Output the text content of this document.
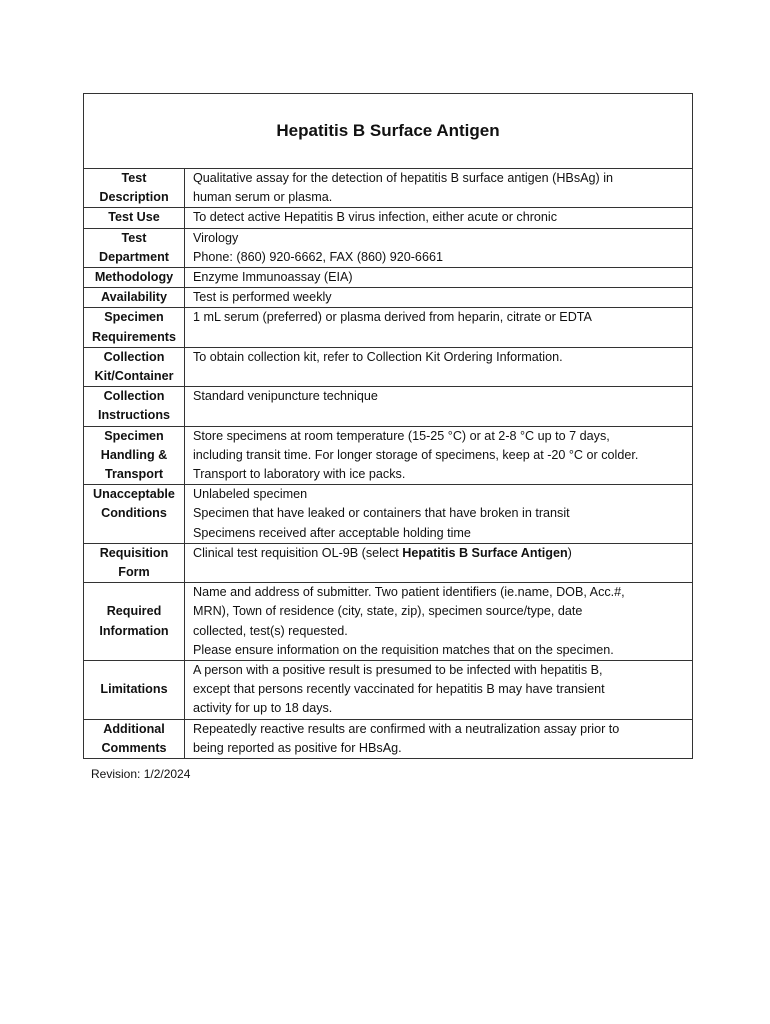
Hepatitis B Surface Antigen	

Test
Description	Qualitative assay for the detection of hepatitis B surface antigen (HBsAg) in
human serum or plasma.

Test Use	To detect active Hepatitis B virus infection, either acute or chronic

Test
Department	Virology
Phone: (860) 920-6662, FAX (860) 920-6661

Methodology	Enzyme Immunoassay (EIA)

Availability	Test is performed weekly

Specimen
Requirements	1 mL serum (preferred) or plasma derived from heparin, citrate or EDTA

Collection
Kit/Container	To obtain collection kit, refer to Collection Kit Ordering Information.

Collection
Instructions	Standard venipuncture technique

Specimen
Handling &
Transport	Store specimens at room temperature (15-25 °C) or at 2-8 °C up to 7 days,
including transit time. For longer storage of specimens, keep at -20 °C or colder.
Transport to laboratory with ice packs.

Unacceptable
Conditions	Unlabeled specimen
Specimen that have leaked or containers that have broken in transit
Specimens received after acceptable holding time

Requisition
Form	Clinical test requisition OL-9B (select Hepatitis B Surface Antigen)

Required
Information	Name and address of submitter. Two patient identifiers (ie.name, DOB, Acc.#,
MRN), Town of residence (city, state, zip), specimen source/type, date
collected, test(s) requested.
Please ensure information on the requisition matches that on the specimen.

Limitations	A person with a positive result is presumed to be infected with hepatitis B,
except that persons recently vaccinated for hepatitis B may have transient
activity for up to 18 days.

Additional
Comments	Repeatedly reactive results are confirmed with a neutralization assay prior to
being reported as positive for HBsAg.
Revision: 1/2/2024
